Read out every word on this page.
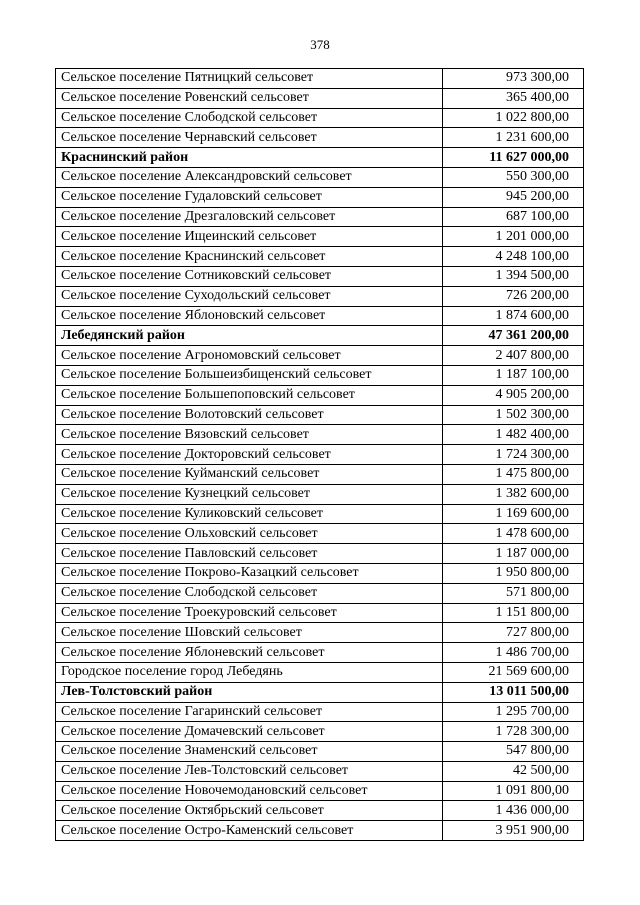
378
Сельское поселение Пятницкий сельсовет	973 300,00
Сельское поселение Ровенский сельсовет	365 400,00
Сельское поселение Слободской сельсовет	1 022 800,00
Сельское поселение Чернавский сельсовет	1 231 600,00
Краснинский район	11 627 000,00
Сельское поселение Александровский сельсовет	550 300,00
Сельское поселение Гудаловский сельсовет	945 200,00
Сельское поселение Дрезгаловский сельсовет	687 100,00
Сельское поселение Ищеинский сельсовет	1 201 000,00
Сельское поселение Краснинский сельсовет	4 248 100,00
Сельское поселение Сотниковский сельсовет	1 394 500,00
Сельское поселение Суходольский сельсовет	726 200,00
Сельское поселение Яблоновский сельсовет	1 874 600,00
Лебедянский район	47 361 200,00
Сельское поселение Агрономовский сельсовет	2 407 800,00
Сельское поселение Большеизбищенский сельсовет	1 187 100,00
Сельское поселение Большепоповский сельсовет	4 905 200,00
Сельское поселение Волотовский сельсовет	1 502 300,00
Сельское поселение Вязовский сельсовет	1 482 400,00
Сельское поселение Докторовский сельсовет	1 724 300,00
Сельское поселение Куйманский сельсовет	1 475 800,00
Сельское поселение Кузнецкий сельсовет	1 382 600,00
Сельское поселение Куликовский сельсовет	1 169 600,00
Сельское поселение Ольховский сельсовет	1 478 600,00
Сельское поселение Павловский сельсовет	1 187 000,00
Сельское поселение Покрово-Казацкий сельсовет	1 950 800,00
Сельское поселение Слободской сельсовет	571 800,00
Сельское поселение Троекуровский сельсовет	1 151 800,00
Сельское поселение Шовский сельсовет	727 800,00
Сельское поселение Яблоневский сельсовет	1 486 700,00
Городское поселение город Лебедянь	21 569 600,00
Лев-Толстовский район	13 011 500,00
Сельское поселение Гагаринский сельсовет	1 295 700,00
Сельское поселение Домачевский сельсовет	1 728 300,00
Сельское поселение Знаменский сельсовет	547 800,00
Сельское поселение Лев-Толстовский сельсовет	42 500,00
Сельское поселение Новочемодановский сельсовет	1 091 800,00
Сельское поселение Октябрьский сельсовет	1 436 000,00
Сельское поселение Остро-Каменский сельсовет	3 951 900,00
